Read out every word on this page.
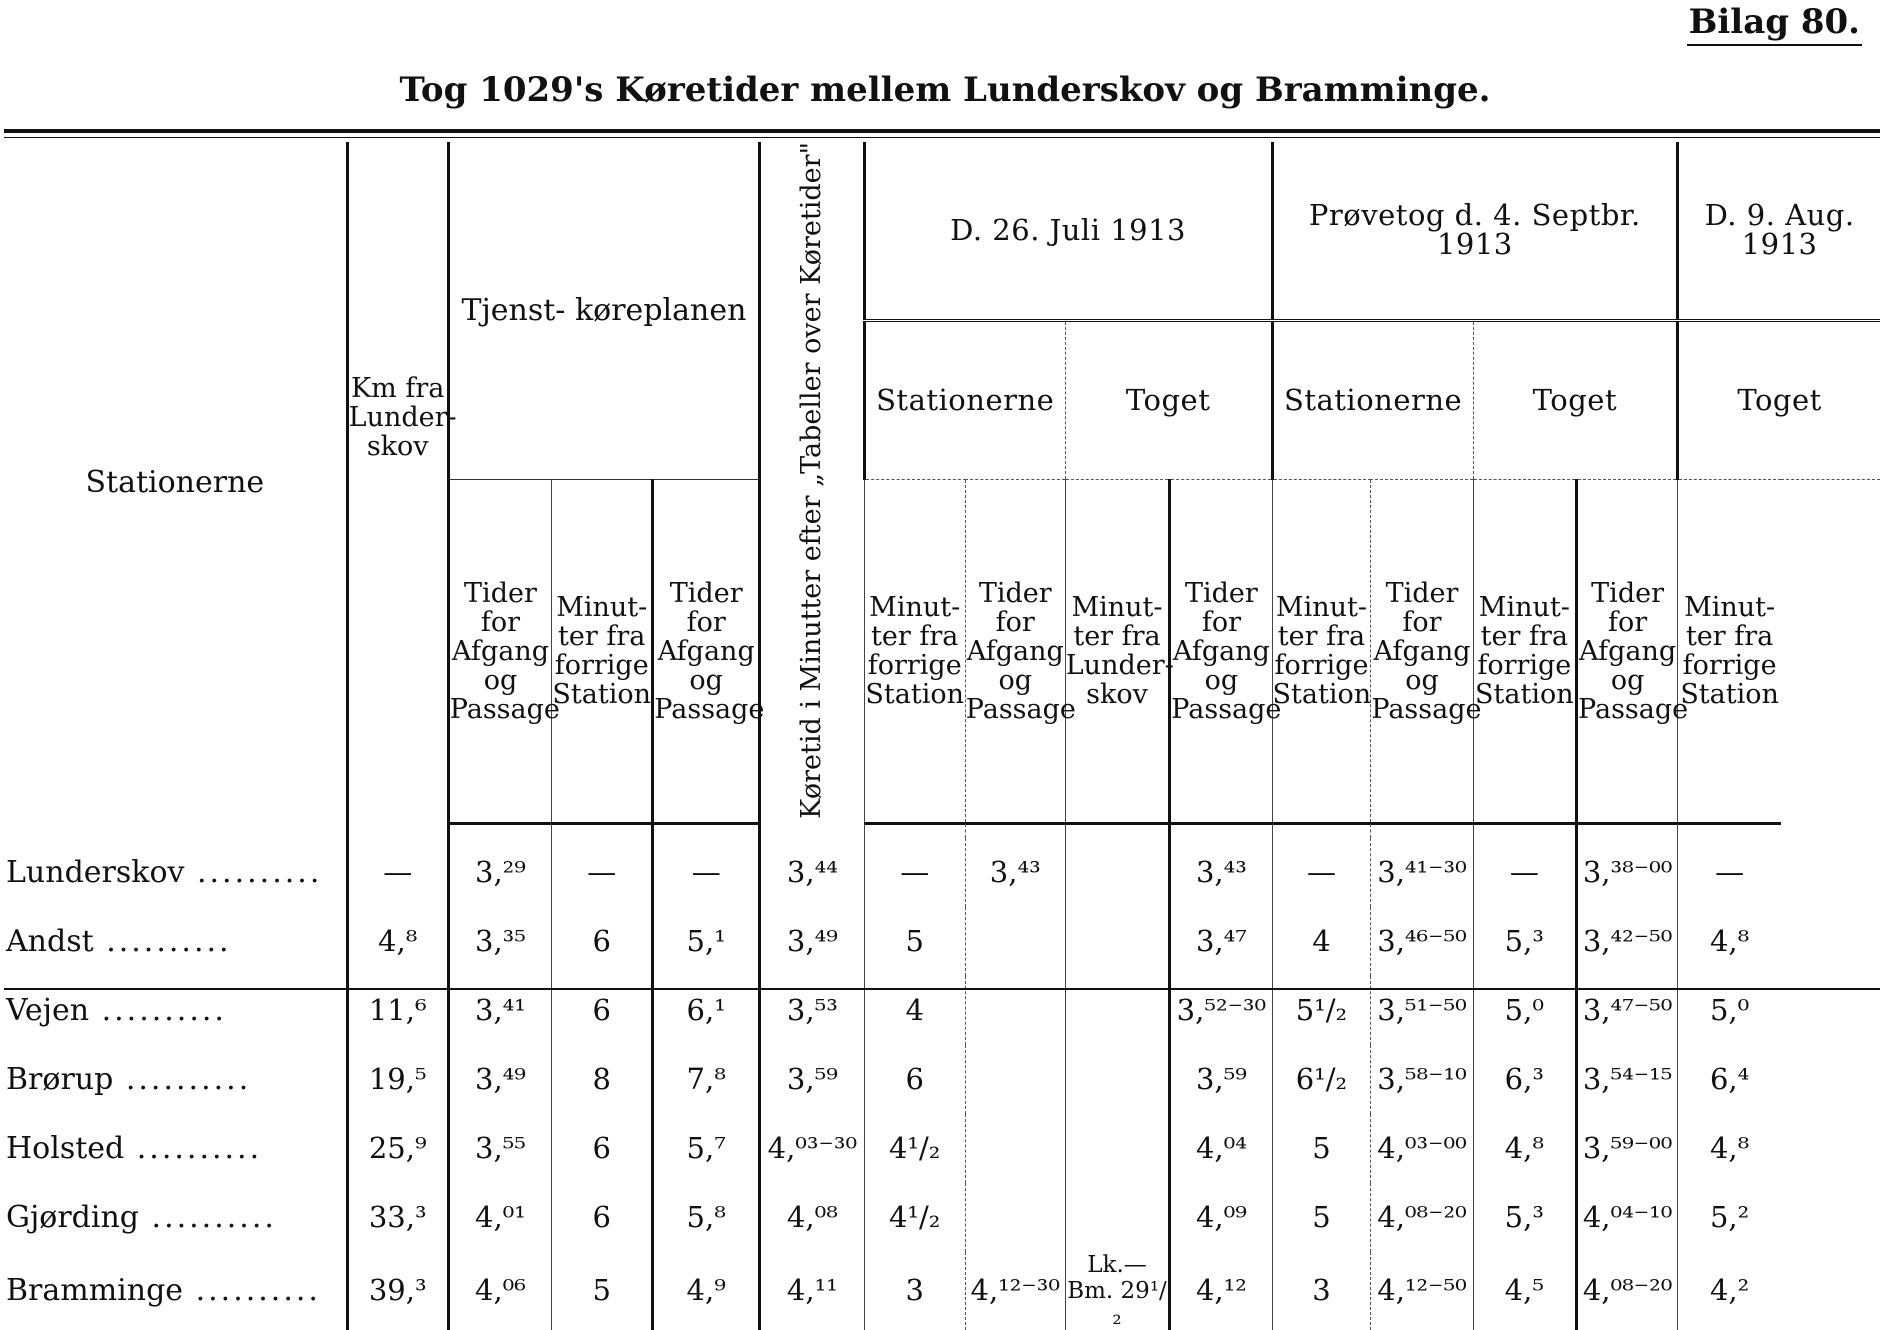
Bilag 80.
Tog 1029's Køretider mellem Lunderskov og Bramminge.
Stationerne	Km fra Lunder- skov	Tjenst- køreplanen			Køretid i Minutter efter „Tabeller over Køretider"	D. 26. Juli 1913				Prøvetog d. 4. Septbr. 1913				D. 9. Aug. 1913
						Stationerne		Toget		Stationerne		Toget		Toget
		Tider for Afgang og Passage	Minut- ter fra forrige Station	Tider for Afgang og Passage		Minut- ter fra forrige Station	Tider for Afgang og Passage	Minut- ter fra Lunder- skov	Tider for Afgang og Passage	Minut- ter fra forrige Station	Tider for Afgang og Passage	Minut- ter fra forrige Station	Tider for Afgang og Passage	Minut- ter fra forrige Station

Lunderskov ..........	—	3,²⁹	—	—	3,⁴⁴	—	3,⁴³		3,⁴³	—	3,⁴¹⁻³⁰	—	3,³⁸⁻⁰⁰	—
Andst ..........	4,⁸	3,³⁵	6	5,¹	3,⁴⁹	5			3,⁴⁷	4	3,⁴⁶⁻⁵⁰	5,³	3,⁴²⁻⁵⁰	4,⁸
Vejen ..........	11,⁶	3,⁴¹	6	6,¹	3,⁵³	4			3,⁵²⁻³⁰	5¹/₂	3,⁵¹⁻⁵⁰	5,⁰	3,⁴⁷⁻⁵⁰	5,⁰
Brørup ..........	19,⁵	3,⁴⁹	8	7,⁸	3,⁵⁹	6			3,⁵⁹	6¹/₂	3,⁵⁸⁻¹⁰	6,³	3,⁵⁴⁻¹⁵	6,⁴
Holsted ..........	25,⁹	3,⁵⁵	6	5,⁷	4,⁰³⁻³⁰	4¹/₂			4,⁰⁴	5	4,⁰³⁻⁰⁰	4,⁸	3,⁵⁹⁻⁰⁰	4,⁸
Gjørding ..........	33,³	4,⁰¹	6	5,⁸	4,⁰⁸	4¹/₂			4,⁰⁹	5	4,⁰⁸⁻²⁰	5,³	4,⁰⁴⁻¹⁰	5,²
Bramminge ..........	39,³	4,⁰⁶	5	4,⁹	4,¹¹	3	4,¹²⁻³⁰	Lk.—Bm. 29¹/₂	4,¹²	3	4,¹²⁻⁵⁰	4,⁵	4,⁰⁸⁻²⁰	4,²
